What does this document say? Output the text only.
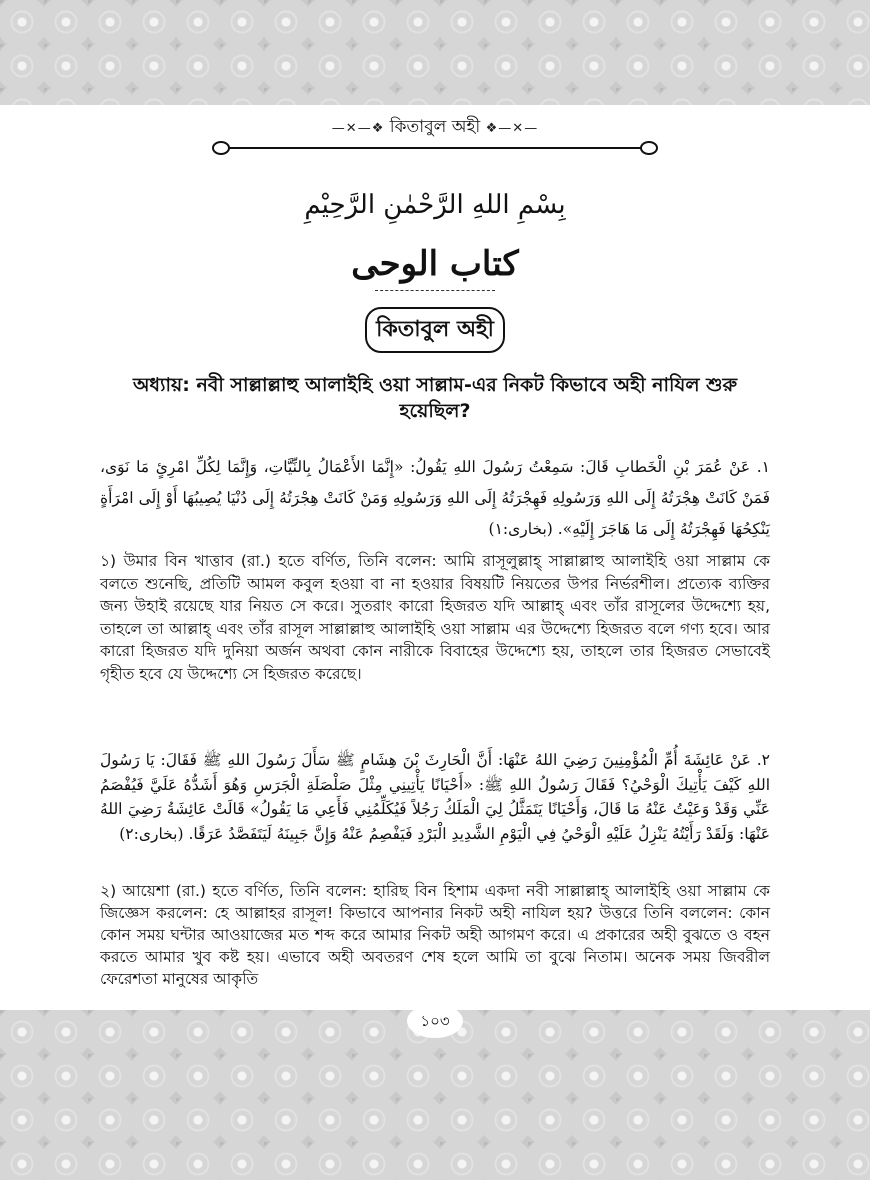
—✕—❖ কিতাবুল অহী ❖—✕—
بِسْمِ اللهِ الرَّحْمٰنِ الرَّحِيْمِ
كتاب الوحى
কিতাবুল অহী
অধ্যায়: নবী সাল্লাল্লাহু আলাইহি ওয়া সাল্লাম-এর নিকট কিভাবে অহী নাযিল শুরু হয়েছিল?
١. عَنْ عُمَرَ بْنِ الْخَطابِ قَالَ: سَمِعْتُ رَسُولَ اللهِ يَقُولُ: «إِنَّمَا الأَعْمَالُ بِالنِّيَّاتِ، وَإِنَّمَا لِكُلِّ امْرِئٍ مَا نَوَى، فَمَنْ كَانَتْ هِجْرَتُهُ إِلَى اللهِ وَرَسُولِهِ فَهِجْرَتُهُ إِلَى اللهِ وَرَسُولِهِ وَمَنْ كَانَتْ هِجْرَتُهُ إِلَى دُنْيَا يُصِيبُهَا أَوْ إِلَى امْرَأَةٍ يَنْكِحُهَا فَهِجْرَتُهُ إِلَى مَا هَاجَرَ إِلَيْهِ». (بخارى:١)
১) উমার বিন খাত্তাব (রা.) হতে বর্ণিত, তিনি বলেন: আমি রাসূলুল্লাহ্ সাল্লাল্লাহু আলাইহি ওয়া সাল্লাম কে বলতে শুনেছি, প্রতিটি আমল কবুল হওয়া বা না হওয়ার বিষয়টি নিয়তের উপর নির্ভরশীল। প্রত্যেক ব্যক্তির জন্য উহাই রয়েছে যার নিয়ত সে করে। সুতরাং কারো হিজরত যদি আল্লাহ্ এবং তাঁর রাসূলের উদ্দেশ্যে হয়, তাহলে তা আল্লাহ্ এবং তাঁর রাসূল সাল্লাল্লাহু আলাইহি ওয়া সাল্লাম এর উদ্দেশ্যে হিজরত বলে গণ্য হবে। আর কারো হিজরত যদি দুনিয়া অর্জন অথবা কোন নারীকে বিবাহের উদ্দেশ্যে হয়, তাহলে তার হিজরত সেভাবেই গৃহীত হবে যে উদ্দেশ্যে সে হিজরত করেছে।
٢. عَنْ عَائِشَةَ أُمِّ الْمُؤْمِنِينَ رَضِيَ اللهُ عَنْهَا: أَنَّ الْحَارِثَ بْنَ هِشَامٍ ﷺ سَأَلَ رَسُولَ اللهِ ﷺ فَقَالَ: يَا رَسُولَ اللهِ كَيْفَ يَأْتِيكَ الْوَحْيُ؟ فَقَالَ رَسُولُ اللهِ ﷺ: «أَحْيَانًا يَأْتِينِي مِثْلَ صَلْصَلَةِ الْجَرَسِ وَهُوَ أَشَدُّهُ عَلَيَّ فَيُفْصَمُ عَنِّي وَقَدْ وَعَيْتُ عَنْهُ مَا قَالَ، وَأَحْيَانًا يَتَمَثَّلُ لِيَ الْمَلَكُ رَجُلاً فَيُكَلِّمُنِي فَأَعِي مَا يَقُولُ» قَالَتْ عَائِشَةُ رَضِيَ اللهُ عَنْهَا: وَلَقَدْ رَأَيْتُهُ يَنْزِلُ عَلَيْهِ الْوَحْيُ فِي الْيَوْمِ الشَّدِيدِ الْبَرْدِ فَيَفْصِمُ عَنْهُ وَإِنَّ جَبِينَهُ لَيَتَفَصَّدُ عَرَقًا. (بخارى:٢)
২) আয়েশা (রা.) হতে বর্ণিত, তিনি বলেন: হারিছ বিন হিশাম একদা নবী সাল্লাল্লাহ্ আলাইহি ওয়া সাল্লাম কে জিজ্ঞেস করলেন: হে আল্লাহর রাসূল! কিভাবে আপনার নিকট অহী নাযিল হয়? উত্তরে তিনি বললেন: কোন কোন সময় ঘন্টার আওয়াজের মত শব্দ করে আমার নিকট অহী আগমণ করে। এ প্রকারের অহী বুঝতে ও বহন করতে আমার খুব কষ্ট হয়। এভাবে অহী অবতরণ শেষ হলে আমি তা বুঝে নিতাম। অনেক সময় জিবরীল ফেরেশতা মানুষের আকৃতি
১০৩
